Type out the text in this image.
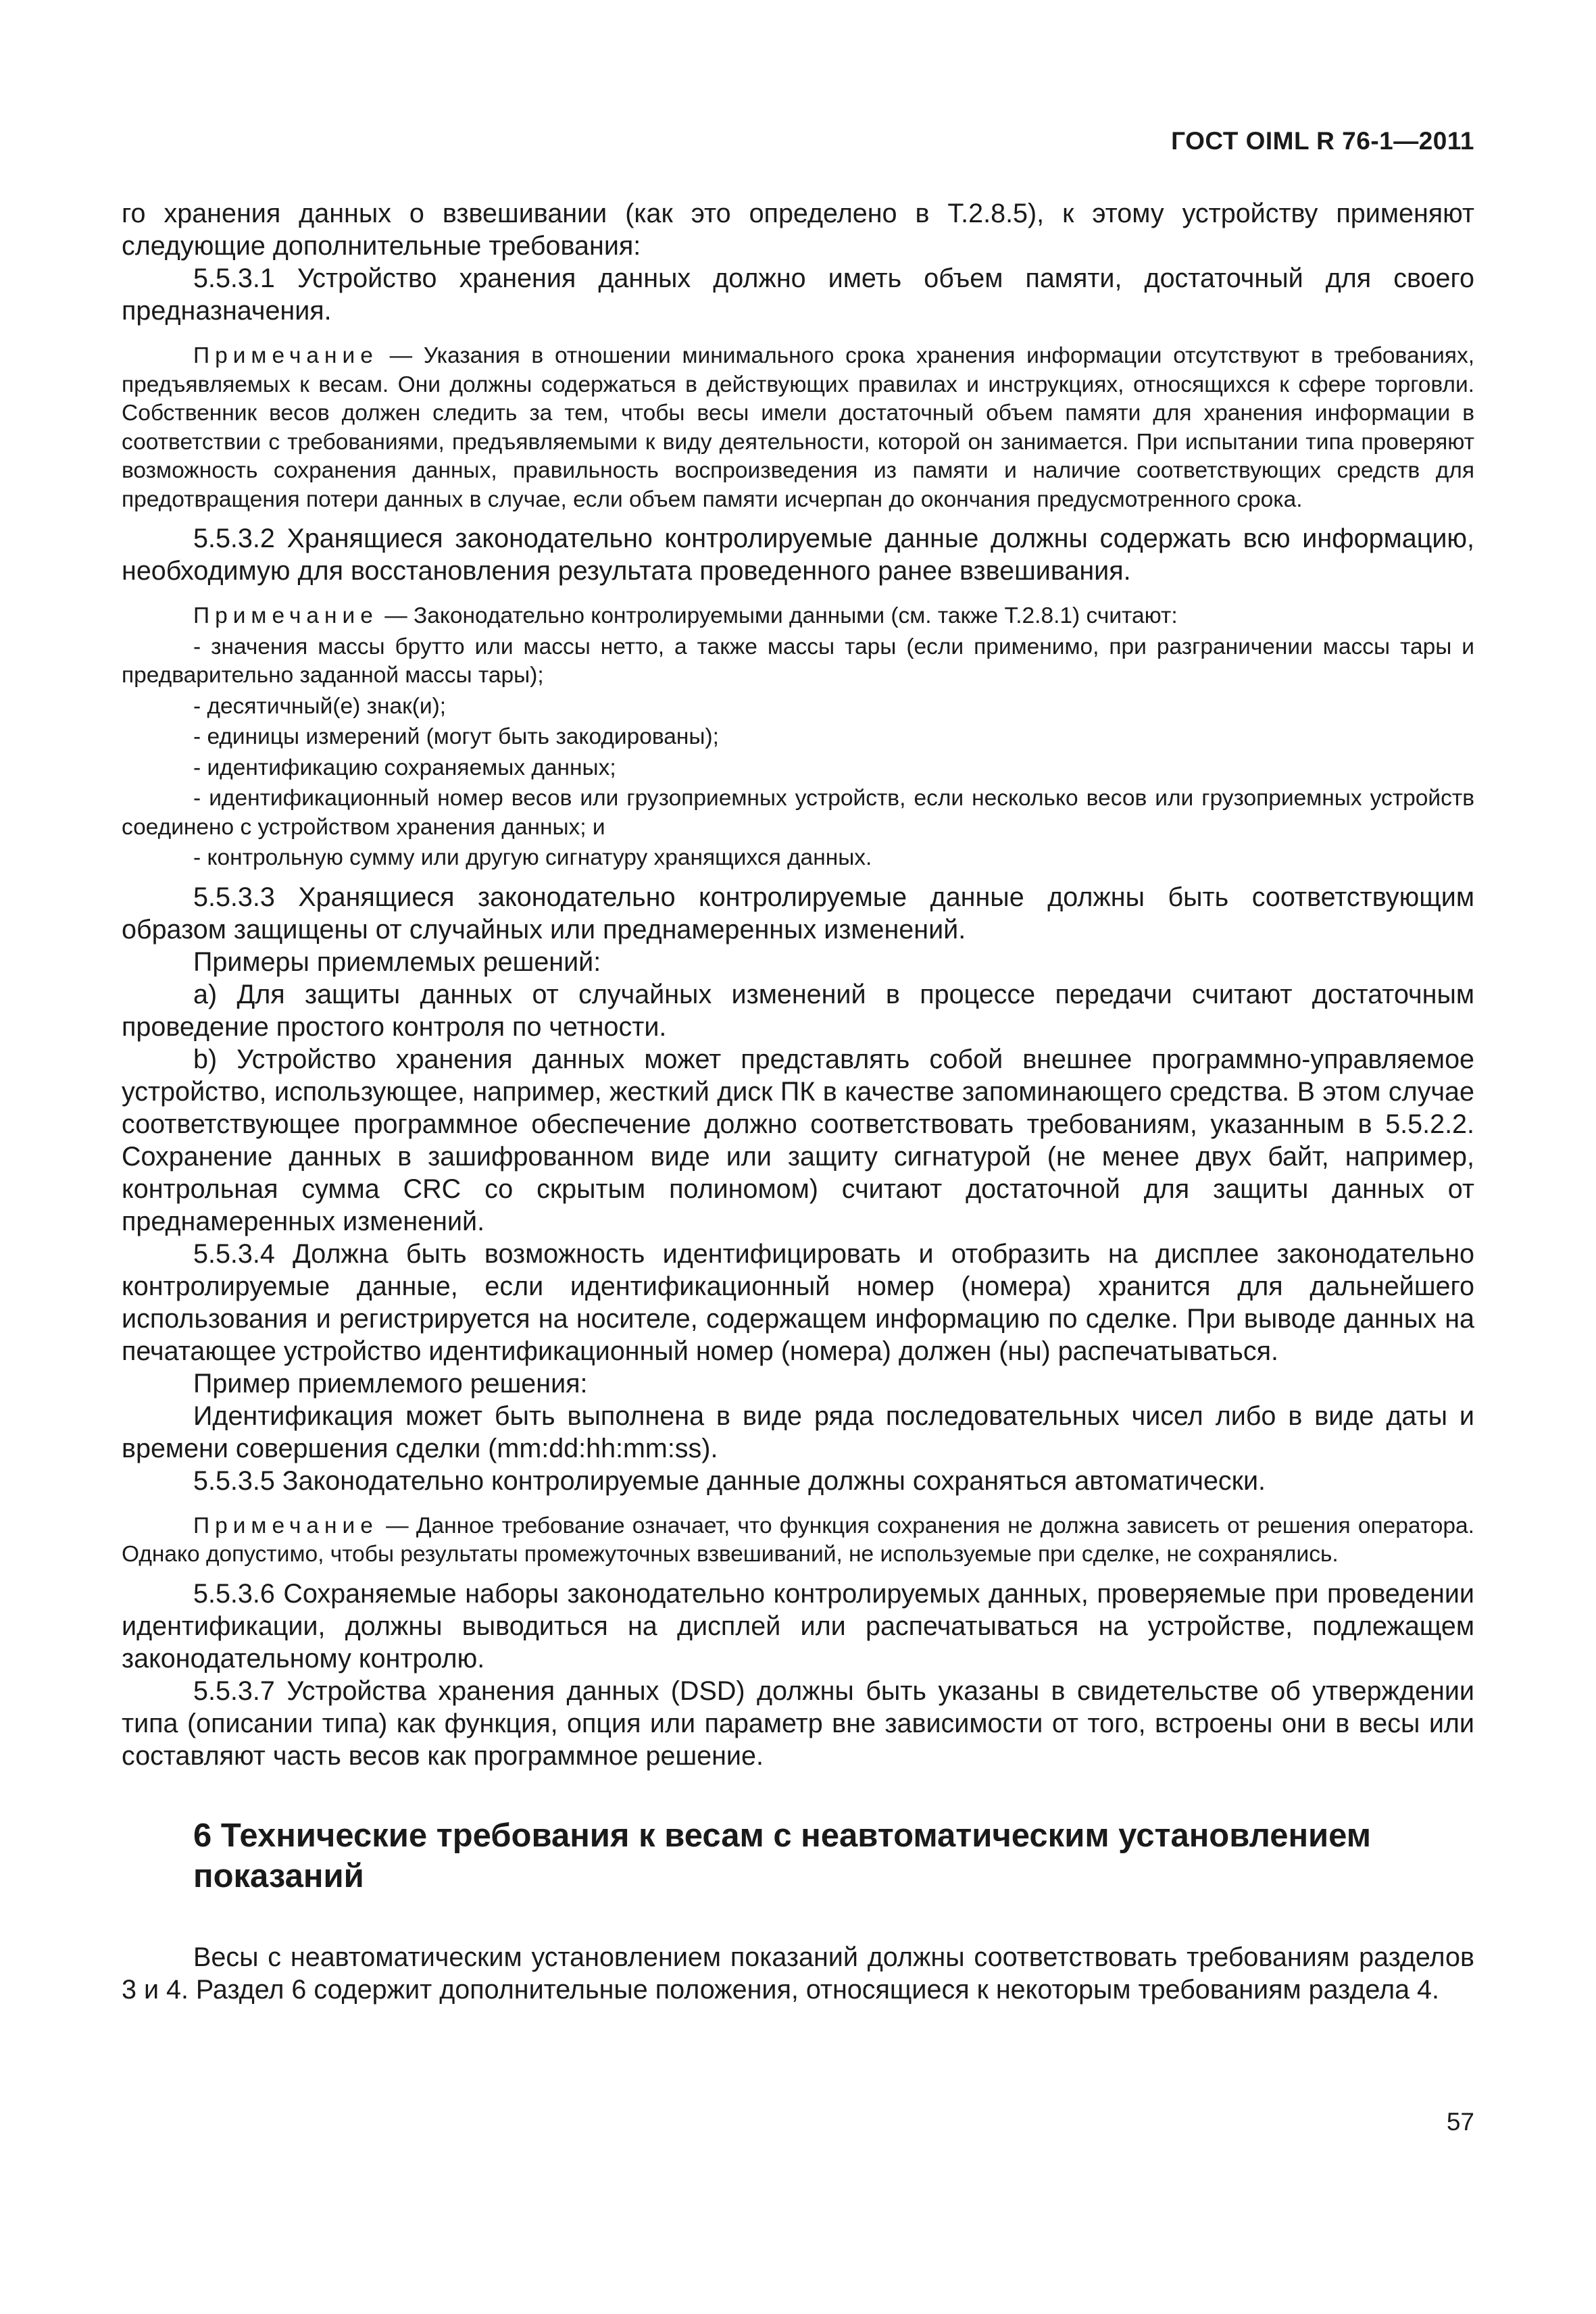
ГОСТ OIML R 76-1—2011

го хранения данных о взвешивании (как это определено в Т.2.8.5), к этому устройству применяют следующие дополнительные требования:

5.5.3.1 Устройство хранения данных должно иметь объем памяти, достаточный для своего предназначения.

Примечание — Указания в отношении минимального срока хранения информации отсутствуют в требованиях, предъявляемых к весам. Они должны содержаться в действующих правилах и инструкциях, относящихся к сфере торговли. Собственник весов должен следить за тем, чтобы весы имели достаточный объем памяти для хранения информации в соответствии с требованиями, предъявляемыми к виду деятельности, которой он занимается. При испытании типа проверяют возможность сохранения данных, правильность воспроизведения из памяти и наличие соответствующих средств для предотвращения потери данных в случае, если объем памяти исчерпан до окончания предусмотренного срока.

5.5.3.2 Хранящиеся законодательно контролируемые данные должны содержать всю информацию, необходимую для восстановления результата проведенного ранее взвешивания.

Примечание — Законодательно контролируемыми данными (см. также Т.2.8.1) считают:

- значения массы брутто или массы нетто, а также массы тары (если применимо, при разграничении массы тары и предварительно заданной массы тары);

- десятичный(е) знак(и);

- единицы измерений (могут быть закодированы);

- идентификацию сохраняемых данных;

- идентификационный номер весов или грузоприемных устройств, если несколько весов или грузоприемных устройств соединено с устройством хранения данных; и

- контрольную сумму или другую сигнатуру хранящихся данных.

5.5.3.3 Хранящиеся законодательно контролируемые данные должны быть соответствующим образом защищены от случайных или преднамеренных изменений.

Примеры приемлемых решений:

a) Для защиты данных от случайных изменений в процессе передачи считают достаточным проведение простого контроля по четности.

b) Устройство хранения данных может представлять собой внешнее программно-управляемое устройство, использующее, например, жесткий диск ПК в качестве запоминающего средства. В этом случае соответствующее программное обеспечение должно соответствовать требованиям, указанным в 5.5.2.2. Сохранение данных в зашифрованном виде или защиту сигнатурой (не менее двух байт, например, контрольная сумма CRC со скрытым полиномом) считают достаточной для защиты данных от преднамеренных изменений.

5.5.3.4 Должна быть возможность идентифицировать и отобразить на дисплее законодательно контролируемые данные, если идентификационный номер (номера) хранится для дальнейшего использования и регистрируется на носителе, содержащем информацию по сделке. При выводе данных на печатающее устройство идентификационный номер (номера) должен (ны) распечатываться.

Пример приемлемого решения:

Идентификация может быть выполнена в виде ряда последовательных чисел либо в виде даты и времени совершения сделки (mm:dd:hh:mm:ss).

5.5.3.5 Законодательно контролируемые данные должны сохраняться автоматически.

Примечание — Данное требование означает, что функция сохранения не должна зависеть от решения оператора. Однако допустимо, чтобы результаты промежуточных взвешиваний, не используемые при сделке, не сохранялись.

5.5.3.6 Сохраняемые наборы законодательно контролируемых данных, проверяемые при проведении идентификации, должны выводиться на дисплей или распечатываться на устройстве, подлежащем законодательному контролю.

5.5.3.7 Устройства хранения данных (DSD) должны быть указаны в свидетельстве об утверждении типа (описании типа) как функция, опция или параметр вне зависимости от того, встроены они в весы или составляют часть весов как программное решение.

6 Технические требования к весам с неавтоматическим установлением показаний

Весы с неавтоматическим установлением показаний должны соответствовать требованиям разделов 3 и 4. Раздел 6 содержит дополнительные положения, относящиеся к некоторым требованиям раздела 4.

57
